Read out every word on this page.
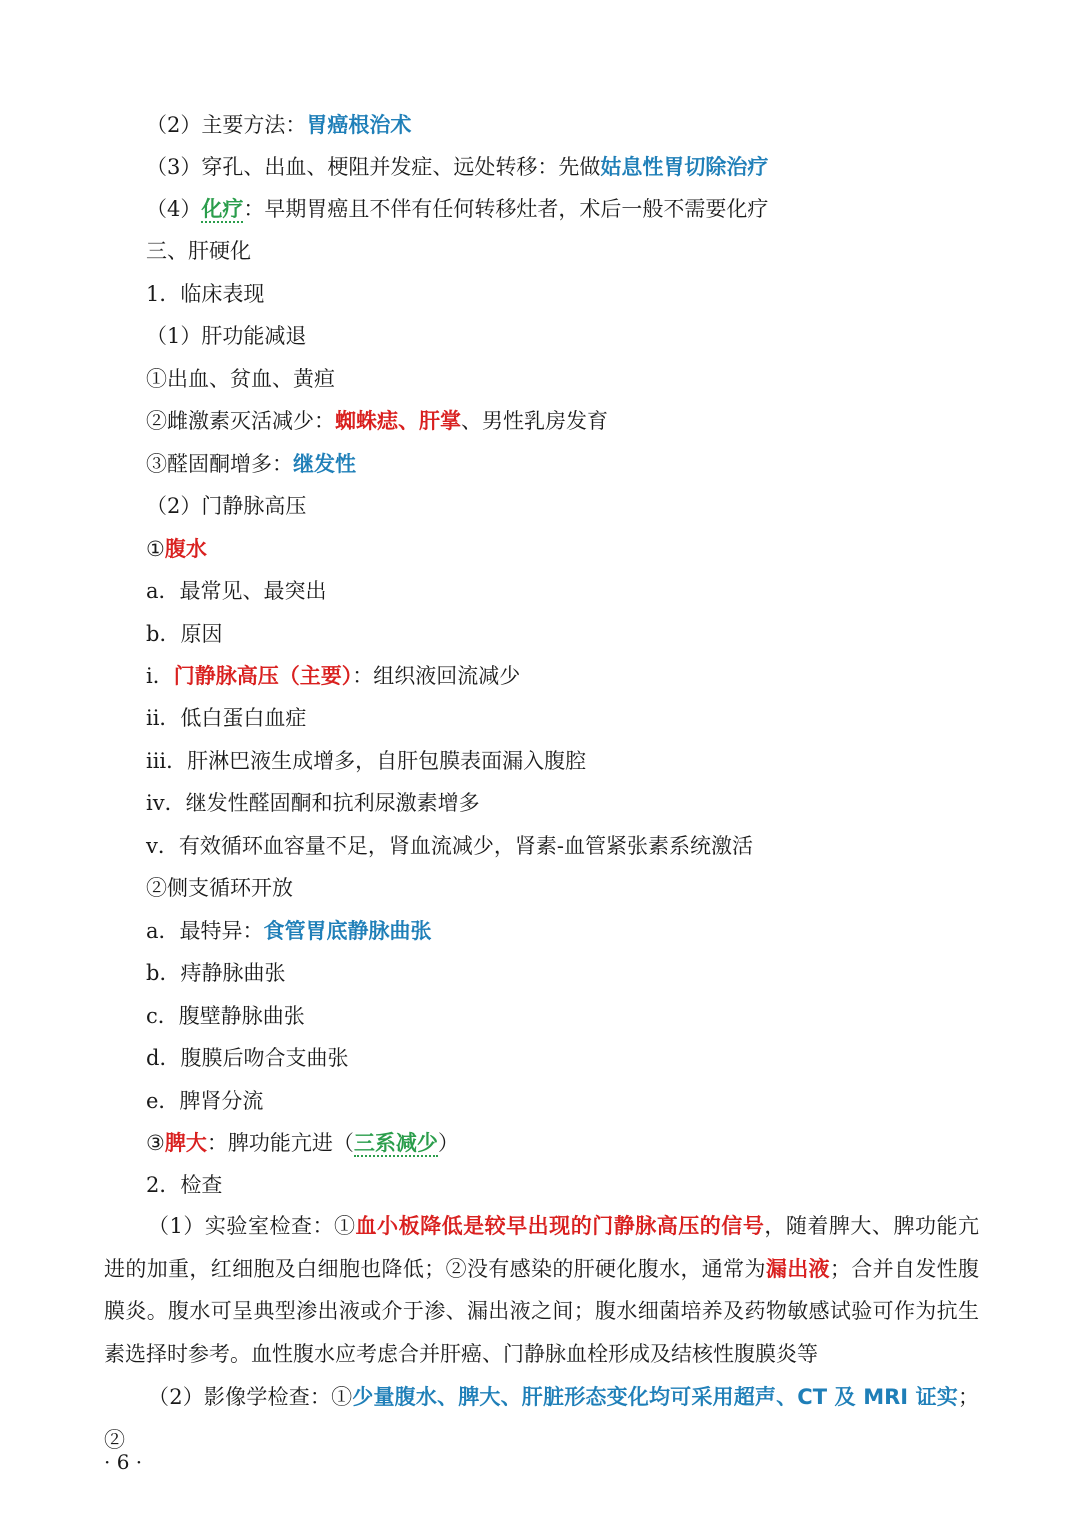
（2）主要方法：胃癌根治术
（3）穿孔、出血、梗阻并发症、远处转移：先做姑息性胃切除治疗
（4）化疗：早期胃癌且不伴有任何转移灶者，术后一般不需要化疗
三、肝硬化
1．临床表现
（1）肝功能减退
①出血、贫血、黄疸
②雌激素灭活减少：蜘蛛痣、肝掌、男性乳房发育
③醛固酮增多：继发性
（2）门静脉高压
①腹水
a．最常见、最突出
b．原因
i．门静脉高压（主要）：组织液回流减少
ii．低白蛋白血症
iii．肝淋巴液生成增多，自肝包膜表面漏入腹腔
iv．继发性醛固酮和抗利尿激素增多
v．有效循环血容量不足，肾血流减少，肾素-血管紧张素系统激活
②侧支循环开放
a．最特异：食管胃底静脉曲张
b．痔静脉曲张
c．腹壁静脉曲张
d．腹膜后吻合支曲张
e．脾肾分流
③脾大：脾功能亢进（三系减少）
2．检查
（1）实验室检查：①血小板降低是较早出现的门静脉高压的信号，随着脾大、脾功能亢进的加重，红细胞及白细胞也降低；②没有感染的肝硬化腹水，通常为漏出液；合并自发性腹膜炎。腹水可呈典型渗出液或介于渗、漏出液之间；腹水细菌培养及药物敏感试验可作为抗生素选择时参考。血性腹水应考虑合并肝癌、门静脉血栓形成及结核性腹膜炎等
（2）影像学检查：①少量腹水、脾大、肝脏形态变化均可采用超声、CT 及 MRI 证实；②
· 6 ·
